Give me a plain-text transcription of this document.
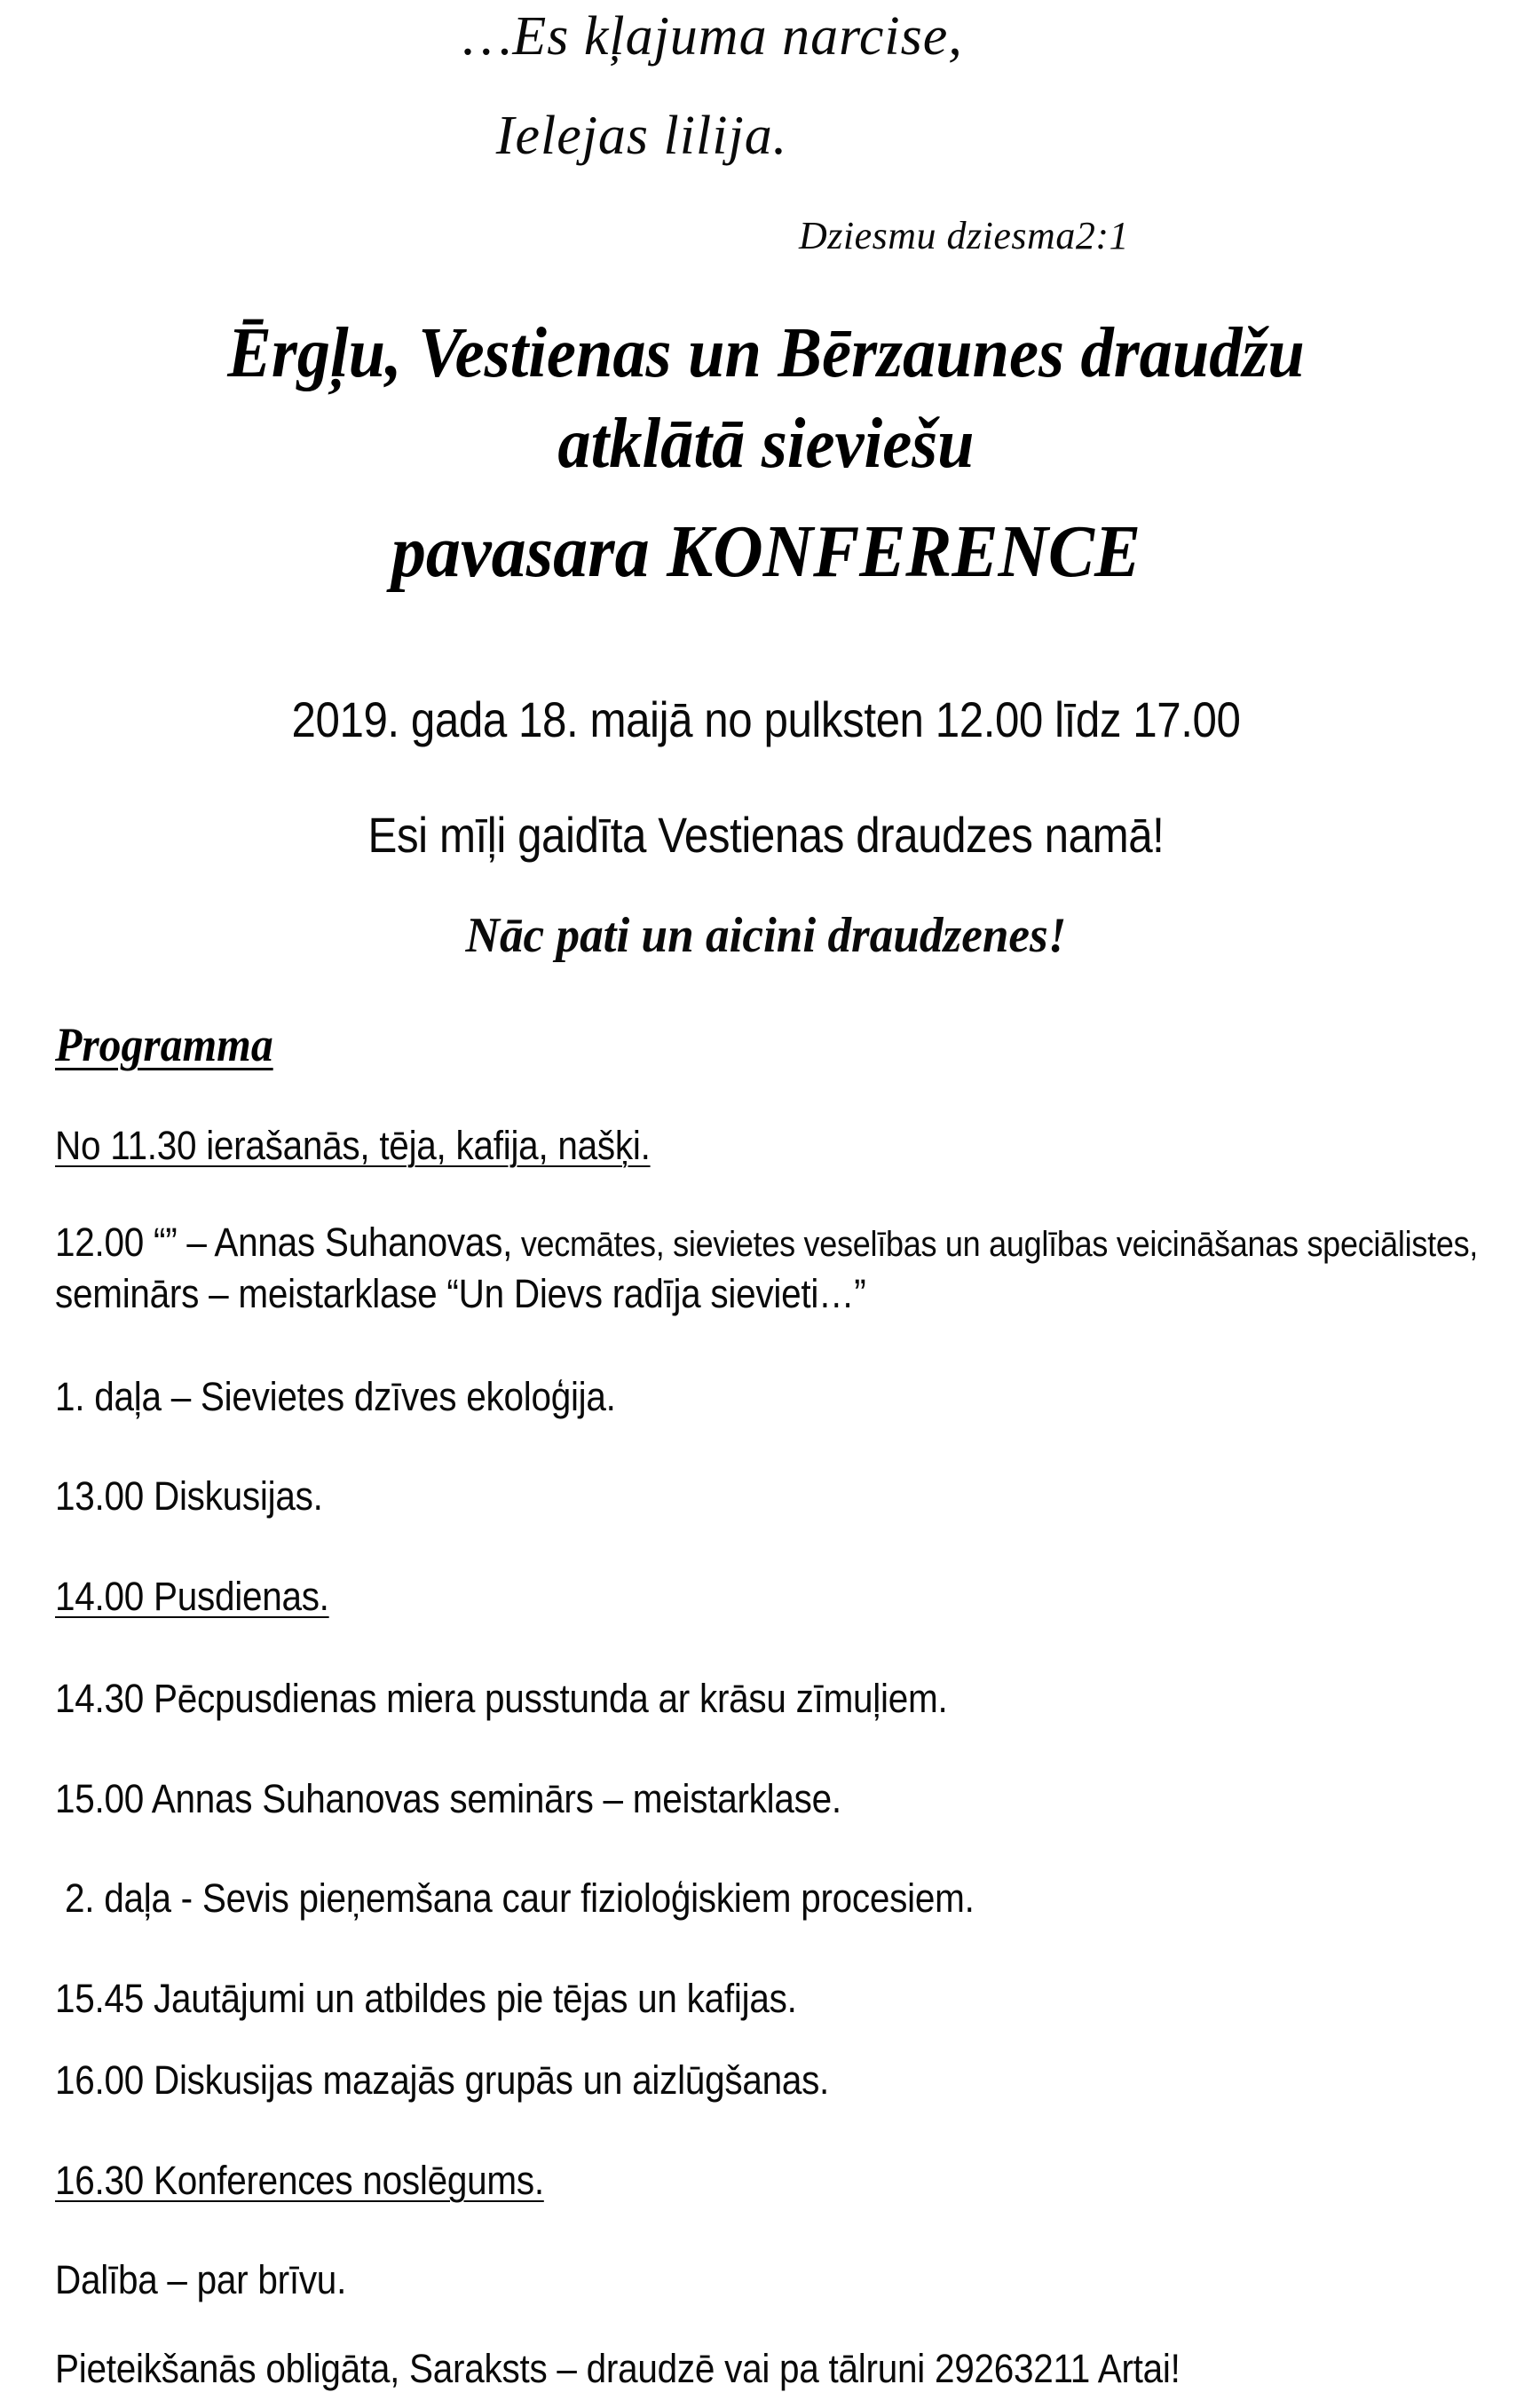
…Es kļajuma narcise,
Ielejas lilija.
Dziesmu dziesma2:1
Ērgļu, Vestienas un Bērzaunes draudžu
atklātā sieviešu
pavasara KONFERENCE
2019. gada 18. maijā no pulksten 12.00 līdz 17.00
Esi mīļi gaidīta Vestienas draudzes namā!
Nāc pati un aicini draudzenes!
Programma
No 11.30 ierašanās, tēja, kafija, našķi.
12.00 “” – Annas Suhanovas, vecmātes, sievietes veselības un auglības veicināšanas speciālistes, seminārs – meistarklase “Un Dievs radīja sievieti…”
1. daļa – Sievietes dzīves ekoloģija.
13.00 Diskusijas.
14.00 Pusdienas.
14.30 Pēcpusdienas miera pusstunda ar krāsu zīmuļiem.
15.00 Annas Suhanovas seminārs – meistarklase.
2. daļa - Sevis pieņemšana caur fizioloģiskiem procesiem.
15.45 Jautājumi un atbildes pie tējas un kafijas.
16.00 Diskusijas mazajās grupās un aizlūgšanas.
16.30 Konferences noslēgums.
Dalība – par brīvu.
Pieteikšanās obligāta, Saraksts – draudzē vai pa tālruni 29263211 Artai!
